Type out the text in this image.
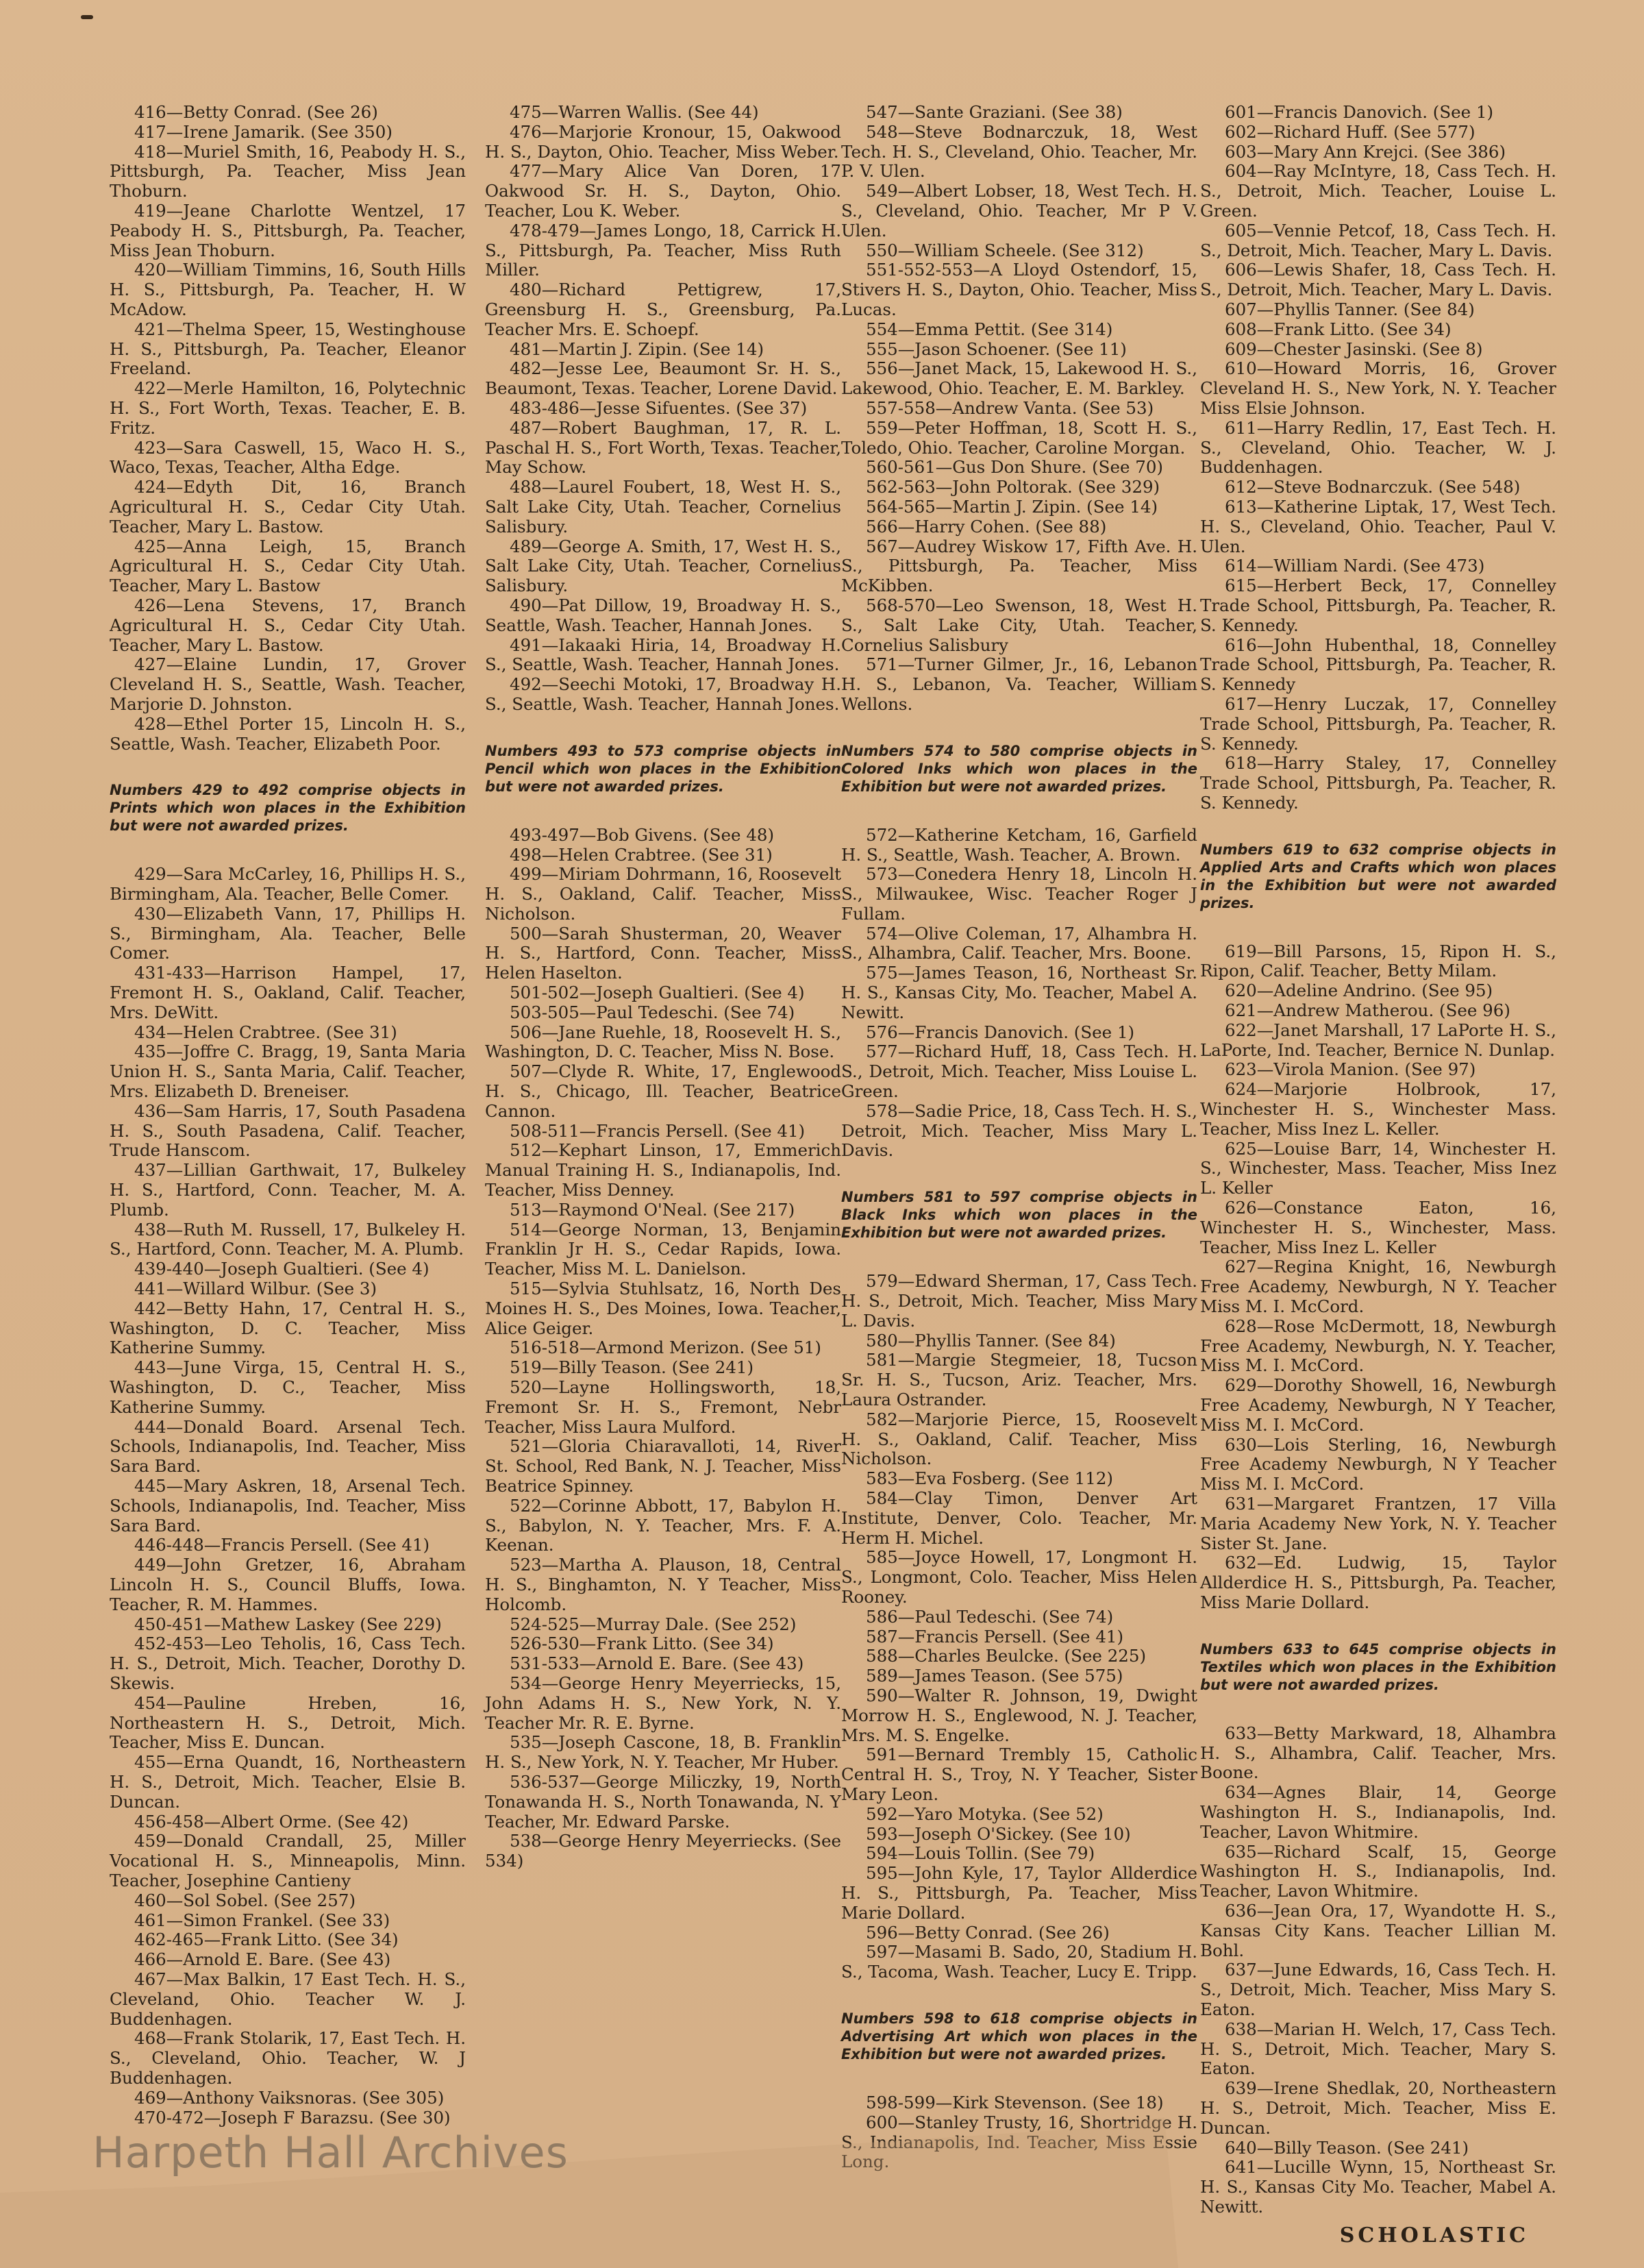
416—Betty Conrad. (See 26)

417—Irene Jamarik. (See 350)

418—Muriel Smith, 16, Peabody H. S., Pittsburgh, Pa. Teacher, Miss Jean Thoburn.

419—Jeane Charlotte Wentzel, 17 Peabody H. S., Pittsburgh, Pa. Teacher, Miss Jean Thoburn.

420—William Timmins, 16, South Hills H. S., Pittsburgh, Pa. Teacher, H. W McAdow.

421—Thelma Speer, 15, Westinghouse H. S., Pittsburgh, Pa. Teacher, Eleanor Freeland.

422—Merle Hamilton, 16, Polytechnic H. S., Fort Worth, Texas. Teacher, E. B. Fritz.

423—Sara Caswell, 15, Waco H. S., Waco, Texas, Teacher, Altha Edge.

424—Edyth Dit, 16, Branch Agricultural H. S., Cedar City Utah. Teacher, Mary L. Bastow.

425—Anna Leigh, 15, Branch Agricultural H. S., Cedar City Utah. Teacher, Mary L. Bastow

426—Lena Stevens, 17, Branch Agricultural H. S., Cedar City Utah. Teacher, Mary L. Bastow.

427—Elaine Lundin, 17, Grover Cleveland H. S., Seattle, Wash. Teacher, Marjorie D. Johnston.

428—Ethel Porter 15, Lincoln H. S., Seattle, Wash. Teacher, Elizabeth Poor.

Numbers 429 to 492 comprise objects in Prints which won places in the Exhibition but were not awarded prizes.

429—Sara McCarley, 16, Phillips H. S., Birmingham, Ala. Teacher, Belle Comer.

430—Elizabeth Vann, 17, Phillips H. S., Birmingham, Ala. Teacher, Belle Comer.

431-433—Harrison Hampel, 17, Fremont H. S., Oakland, Calif. Teacher, Mrs. DeWitt.

434—Helen Crabtree. (See 31)

435—Joffre C. Bragg, 19, Santa Maria Union H. S., Santa Maria, Calif. Teacher, Mrs. Elizabeth D. Breneiser.

436—Sam Harris, 17, South Pasadena H. S., South Pasadena, Calif. Teacher, Trude Hanscom.

437—Lillian Garthwait, 17, Bulkeley H. S., Hartford, Conn. Teacher, M. A. Plumb.

438—Ruth M. Russell, 17, Bulkeley H. S., Hartford, Conn. Teacher, M. A. Plumb.

439-440—Joseph Gualtieri. (See 4)

441—Willard Wilbur. (See 3)

442—Betty Hahn, 17, Central H. S., Washington, D. C. Teacher, Miss Katherine Summy.

443—June Virga, 15, Central H. S., Washington, D. C., Teacher, Miss Katherine Summy.

444—Donald Board. Arsenal Tech. Schools, Indianapolis, Ind. Teacher, Miss Sara Bard.

445—Mary Askren, 18, Arsenal Tech. Schools, Indianapolis, Ind. Teacher, Miss Sara Bard.

446-448—Francis Persell. (See 41)

449—John Gretzer, 16, Abraham Lincoln H. S., Council Bluffs, Iowa. Teacher, R. M. Hammes.

450-451—Mathew Laskey (See 229)

452-453—Leo Teholis, 16, Cass Tech. H. S., Detroit, Mich. Teacher, Dorothy D. Skewis.

454—Pauline Hreben, 16, Northeastern H. S., Detroit, Mich. Teacher, Miss E. Duncan.

455—Erna Quandt, 16, Northeastern H. S., Detroit, Mich. Teacher, Elsie B. Duncan.

456-458—Albert Orme. (See 42)

459—Donald Crandall, 25, Miller Vocational H. S., Minneapolis, Minn. Teacher, Josephine Cantieny

460—Sol Sobel. (See 257)

461—Simon Frankel. (See 33)

462-465—Frank Litto. (See 34)

466—Arnold E. Bare. (See 43)

467—Max Balkin, 17 East Tech. H. S., Cleveland, Ohio. Teacher W. J. Buddenhagen.

468—Frank Stolarik, 17, East Tech. H. S., Cleveland, Ohio. Teacher, W. J Buddenhagen.

469—Anthony Vaiksnoras. (See 305)

470-472—Joseph F Barazsu. (See 30)

475—Warren Wallis. (See 44)

476—Marjorie Kronour, 15, Oakwood H. S., Dayton, Ohio. Teacher, Miss Weber.

477—Mary Alice Van Doren, 17 Oakwood Sr. H. S., Dayton, Ohio. Teacher, Lou K. Weber.

478-479—James Longo, 18, Carrick H. S., Pittsburgh, Pa. Teacher, Miss Ruth Miller.

480—Richard Pettigrew, 17, Greensburg H. S., Greensburg, Pa. Teacher Mrs. E. Schoepf.

481—Martin J. Zipin. (See 14)

482—Jesse Lee, Beaumont Sr. H. S., Beaumont, Texas. Teacher, Lorene David.

483-486—Jesse Sifuentes. (See 37)

487—Robert Baughman, 17, R. L. Paschal H. S., Fort Worth, Texas. Teacher, May Schow.

488—Laurel Foubert, 18, West H. S., Salt Lake City, Utah. Teacher, Cornelius Salisbury.

489—George A. Smith, 17, West H. S., Salt Lake City, Utah. Teacher, Cornelius Salisbury.

490—Pat Dillow, 19, Broadway H. S., Seattle, Wash. Teacher, Hannah Jones.

491—Iakaaki Hiria, 14, Broadway H. S., Seattle, Wash. Teacher, Hannah Jones.

492—Seechi Motoki, 17, Broadway H. S., Seattle, Wash. Teacher, Hannah Jones.

Numbers 493 to 573 comprise objects in Pencil which won places in the Exhibition but were not awarded prizes.

493-497—Bob Givens. (See 48)

498—Helen Crabtree. (See 31)

499—Miriam Dohrmann, 16, Roosevelt H. S., Oakland, Calif. Teacher, Miss Nicholson.

500—Sarah Shusterman, 20, Weaver H. S., Hartford, Conn. Teacher, Miss Helen Haselton.

501-502—Joseph Gualtieri. (See 4)

503-505—Paul Tedeschi. (See 74)

506—Jane Ruehle, 18, Roosevelt H. S., Washington, D. C. Teacher, Miss N. Bose.

507—Clyde R. White, 17, Englewood H. S., Chicago, Ill. Teacher, Beatrice Cannon.

508-511—Francis Persell. (See 41)

512—Kephart Linson, 17, Emmerich Manual Training H. S., Indianapolis, Ind. Teacher, Miss Denney.

513—Raymond O'Neal. (See 217)

514—George Norman, 13, Benjamin Franklin Jr H. S., Cedar Rapids, Iowa. Teacher, Miss M. L. Danielson.

515—Sylvia Stuhlsatz, 16, North Des Moines H. S., Des Moines, Iowa. Teacher, Alice Geiger.

516-518—Armond Merizon. (See 51)

519—Billy Teason. (See 241)

520—Layne Hollingsworth, 18, Fremont Sr. H. S., Fremont, Nebr Teacher, Miss Laura Mulford.

521—Gloria Chiaravalloti, 14, River St. School, Red Bank, N. J. Teacher, Miss Beatrice Spinney.

522—Corinne Abbott, 17, Babylon H. S., Babylon, N. Y. Teacher, Mrs. F. A. Keenan.

523—Martha A. Plauson, 18, Central H. S., Binghamton, N. Y Teacher, Miss Holcomb.

524-525—Murray Dale. (See 252)

526-530—Frank Litto. (See 34)

531-533—Arnold E. Bare. (See 43)

534—George Henry Meyerriecks, 15, John Adams H. S., New York, N. Y. Teacher Mr. R. E. Byrne.

535—Joseph Cascone, 18, B. Franklin H. S., New York, N. Y. Teacher, Mr Huber.

536-537—George Miliczky, 19, North Tonawanda H. S., North Tonawanda, N. Y Teacher, Mr. Edward Parske.

538—George Henry Meyerriecks. (See 534)

547—Sante Graziani. (See 38)

548—Steve Bodnarczuk, 18, West Tech. H. S., Cleveland, Ohio. Teacher, Mr. P. V. Ulen.

549—Albert Lobser, 18, West Tech. H. S., Cleveland, Ohio. Teacher, Mr P V. Ulen.

550—William Scheele. (See 312)

551-552-553—A Lloyd Ostendorf, 15, Stivers H. S., Dayton, Ohio. Teacher, Miss Lucas.

554—Emma Pettit. (See 314)

555—Jason Schoener. (See 11)

556—Janet Mack, 15, Lakewood H. S., Lakewood, Ohio. Teacher, E. M. Barkley.

557-558—Andrew Vanta. (See 53)

559—Peter Hoffman, 18, Scott H. S., Toledo, Ohio. Teacher, Caroline Morgan.

560-561—Gus Don Shure. (See 70)

562-563—John Poltorak. (See 329)

564-565—Martin J. Zipin. (See 14)

566—Harry Cohen. (See 88)

567—Audrey Wiskow 17, Fifth Ave. H. S., Pittsburgh, Pa. Teacher, Miss McKibben.

568-570—Leo Swenson, 18, West H. S., Salt Lake City, Utah. Teacher, Cornelius Salisbury

571—Turner Gilmer, Jr., 16, Lebanon H. S., Lebanon, Va. Teacher, William Wellons.

Numbers 574 to 580 comprise objects in Colored Inks which won places in the Exhibition but were not awarded prizes.

572—Katherine Ketcham, 16, Garfield H. S., Seattle, Wash. Teacher, A. Brown.

573—Conedera Henry 18, Lincoln H. S., Milwaukee, Wisc. Teacher Roger J Fullam.

574—Olive Coleman, 17, Alhambra H. S., Alhambra, Calif. Teacher, Mrs. Boone.

575—James Teason, 16, Northeast Sr. H. S., Kansas City, Mo. Teacher, Mabel A. Newitt.

576—Francis Danovich. (See 1)

577—Richard Huff, 18, Cass Tech. H. S., Detroit, Mich. Teacher, Miss Louise L. Green.

578—Sadie Price, 18, Cass Tech. H. S., Detroit, Mich. Teacher, Miss Mary L. Davis.

Numbers 581 to 597 comprise objects in Black Inks which won places in the Exhibition but were not awarded prizes.

579—Edward Sherman, 17, Cass Tech. H. S., Detroit, Mich. Teacher, Miss Mary L. Davis.

580—Phyllis Tanner. (See 84)

581—Margie Stegmeier, 18, Tucson Sr. H. S., Tucson, Ariz. Teacher, Mrs. Laura Ostrander.

582—Marjorie Pierce, 15, Roosevelt H. S., Oakland, Calif. Teacher, Miss Nicholson.

583—Eva Fosberg. (See 112)

584—Clay Timon, Denver Art Institute, Denver, Colo. Teacher, Mr. Herm H. Michel.

585—Joyce Howell, 17, Longmont H. S., Longmont, Colo. Teacher, Miss Helen Rooney.

586—Paul Tedeschi. (See 74)

587—Francis Persell. (See 41)

588—Charles Beulcke. (See 225)

589—James Teason. (See 575)

590—Walter R. Johnson, 19, Dwight Morrow H. S., Englewood, N. J. Teacher, Mrs. M. S. Engelke.

591—Bernard Trembly 15, Catholic Central H. S., Troy, N. Y Teacher, Sister Mary Leon.

592—Yaro Motyka. (See 52)

593—Joseph O'Sickey. (See 10)

594—Louis Tollin. (See 79)

595—John Kyle, 17, Taylor Allderdice H. S., Pittsburgh, Pa. Teacher, Miss Marie Dollard.

596—Betty Conrad. (See 26)

597—Masami B. Sado, 20, Stadium H. S., Tacoma, Wash. Teacher, Lucy E. Tripp.

Numbers 598 to 618 comprise objects in Advertising Art which won places in the Exhibition but were not awarded prizes.

598-599—Kirk Stevenson. (See 18)

600—Stanley Trusty, 16, Shortridge H. S., Indianapolis, Ind. Teacher, Miss Essie Long.

601—Francis Danovich. (See 1)

602—Richard Huff. (See 577)

603—Mary Ann Krejci. (See 386)

604—Ray McIntyre, 18, Cass Tech. H. S., Detroit, Mich. Teacher, Louise L. Green.

605—Vennie Petcof, 18, Cass Tech. H. S., Detroit, Mich. Teacher, Mary L. Davis.

606—Lewis Shafer, 18, Cass Tech. H. S., Detroit, Mich. Teacher, Mary L. Davis.

607—Phyllis Tanner. (See 84)

608—Frank Litto. (See 34)

609—Chester Jasinski. (See 8)

610—Howard Morris, 16, Grover Cleveland H. S., New York, N. Y. Teacher Miss Elsie Johnson.

611—Harry Redlin, 17, East Tech. H. S., Cleveland, Ohio. Teacher, W. J. Buddenhagen.

612—Steve Bodnarczuk. (See 548)

613—Katherine Liptak, 17, West Tech. H. S., Cleveland, Ohio. Teacher, Paul V. Ulen.

614—William Nardi. (See 473)

615—Herbert Beck, 17, Connelley Trade School, Pittsburgh, Pa. Teacher, R. S. Kennedy.

616—John Hubenthal, 18, Connelley Trade School, Pittsburgh, Pa. Teacher, R. S. Kennedy

617—Henry Luczak, 17, Connelley Trade School, Pittsburgh, Pa. Teacher, R. S. Kennedy.

618—Harry Staley, 17, Connelley Trade School, Pittsburgh, Pa. Teacher, R. S. Kennedy.

Numbers 619 to 632 comprise objects in Applied Arts and Crafts which won places in the Exhibition but were not awarded prizes.

619—Bill Parsons, 15, Ripon H. S., Ripon, Calif. Teacher, Betty Milam.

620—Adeline Andrino. (See 95)

621—Andrew Matherou. (See 96)

622—Janet Marshall, 17 LaPorte H. S., LaPorte, Ind. Teacher, Bernice N. Dunlap.

623—Virola Manion. (See 97)

624—Marjorie Holbrook, 17, Winchester H. S., Winchester Mass. Teacher, Miss Inez L. Keller.

625—Louise Barr, 14, Winchester H. S., Winchester, Mass. Teacher, Miss Inez L. Keller

626—Constance Eaton, 16, Winchester H. S., Winchester, Mass. Teacher, Miss Inez L. Keller

627—Regina Knight, 16, Newburgh Free Academy, Newburgh, N Y. Teacher Miss M. I. McCord.

628—Rose McDermott, 18, Newburgh Free Academy, Newburgh, N. Y. Teacher, Miss M. I. McCord.

629—Dorothy Showell, 16, Newburgh Free Academy, Newburgh, N Y Teacher, Miss M. I. McCord.

630—Lois Sterling, 16, Newburgh Free Academy Newburgh, N Y Teacher Miss M. I. McCord.

631—Margaret Frantzen, 17 Villa Maria Academy New York, N. Y. Teacher Sister St. Jane.

632—Ed. Ludwig, 15, Taylor Allderdice H. S., Pittsburgh, Pa. Teacher, Miss Marie Dollard.

Numbers 633 to 645 comprise objects in Textiles which won places in the Exhibition but were not awarded prizes.

633—Betty Markward, 18, Alhambra H. S., Alhambra, Calif. Teacher, Mrs. Boone.

634—Agnes Blair, 14, George Washington H. S., Indianapolis, Ind. Teacher, Lavon Whitmire.

635—Richard Scalf, 15, George Washington H. S., Indianapolis, Ind. Teacher, Lavon Whitmire.

636—Jean Ora, 17, Wyandotte H. S., Kansas City Kans. Teacher Lillian M. Bohl.

637—June Edwards, 16, Cass Tech. H. S., Detroit, Mich. Teacher, Miss Mary S. Eaton.

638—Marian H. Welch, 17, Cass Tech. H. S., Detroit, Mich. Teacher, Mary S. Eaton.

639—Irene Shedlak, 20, Northeastern H. S., Detroit, Mich. Teacher, Miss E. Duncan.

640—Billy Teason. (See 241)

641—Lucille Wynn, 15, Northeast Sr. H. S., Kansas City Mo. Teacher, Mabel A. Newitt.

Harpeth Hall Archives
SCHOLASTIC
